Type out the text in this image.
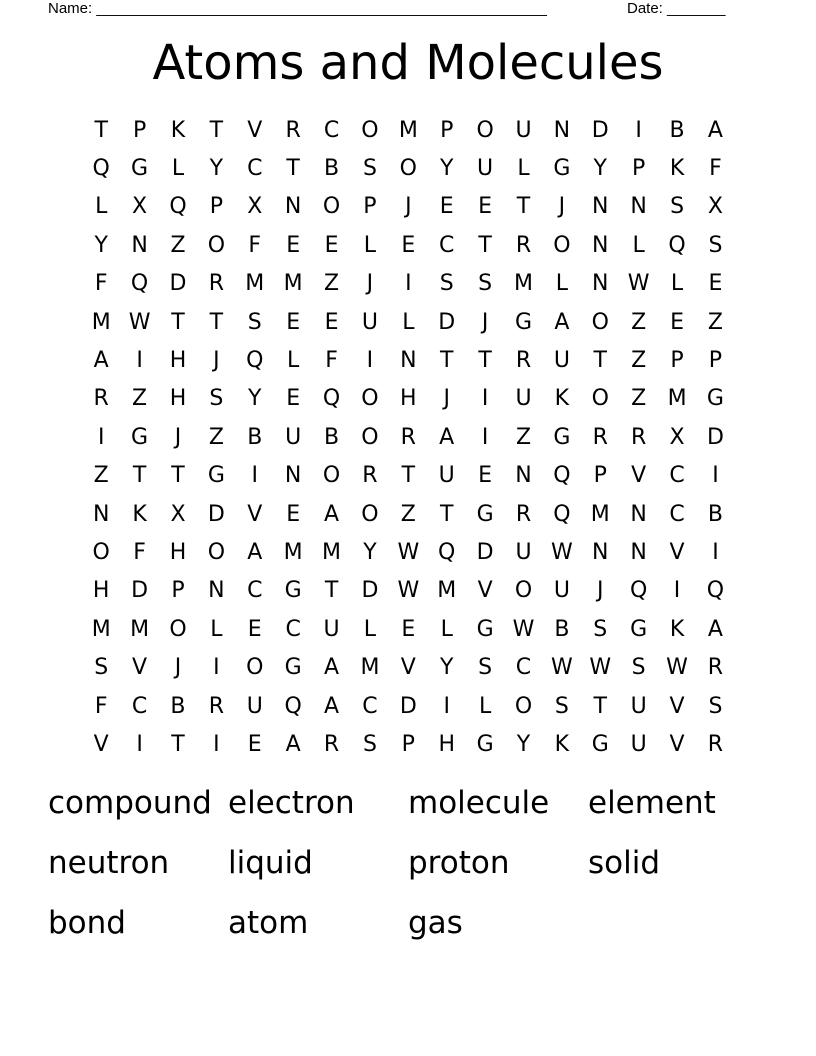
Name: ______________________________________________________	Date: _______
Atoms and Molecules
T	P	K	T	V	R	C	O M	P	O U	N D	I	B	A
Q G	L	Y	C	T	B	S	O	Y	U	L	G	Y	P	K	F
L	X	Q	P	X	N O	P	J	E	E	T	J	N N	S	X
Y	N	Z	O	F	E	E	L	E	C	T	R	O N	L	Q	S
F	Q D	R M M Z	J	I	S	S M	L	N W L	E
M W T	T	S	E	E	U	L	D	J	G	A	O	Z	E	Z
A	I	H	J	Q	L	F	I	N	T	T	R	U	T	Z	P	P
R	Z	H	S	Y	E	Q O H	J	I	U	K	O	Z M G
I	G	J	Z	B	U	B	O	R	A	I	Z	G	R	R	X	D
Z	T	T	G	I	N O	R	T	U	E	N Q	P	V	C	I
N	K	X	D	V	E	A	O	Z	T	G	R	Q M N	C	B
O	F	H O	A M M	Y W Q D U W N N	V	I
H D	P	N	C	G	T	D W M V	O U	J	Q	I	Q
M M O	L	E	C	U	L	E	L	G W B	S	G	K	A
S	V	J	I	O G	A M V	Y	S	C W W S W R
F	C	B	R	U Q	A	C	D	I	L	O	S	T	U	V	S
V	I	T	I	E	A	R	S	P	H G	Y	K	G U	V	R
compound electron	molecule	element
neutron	liquid	proton	solid
bond	atom	gas
